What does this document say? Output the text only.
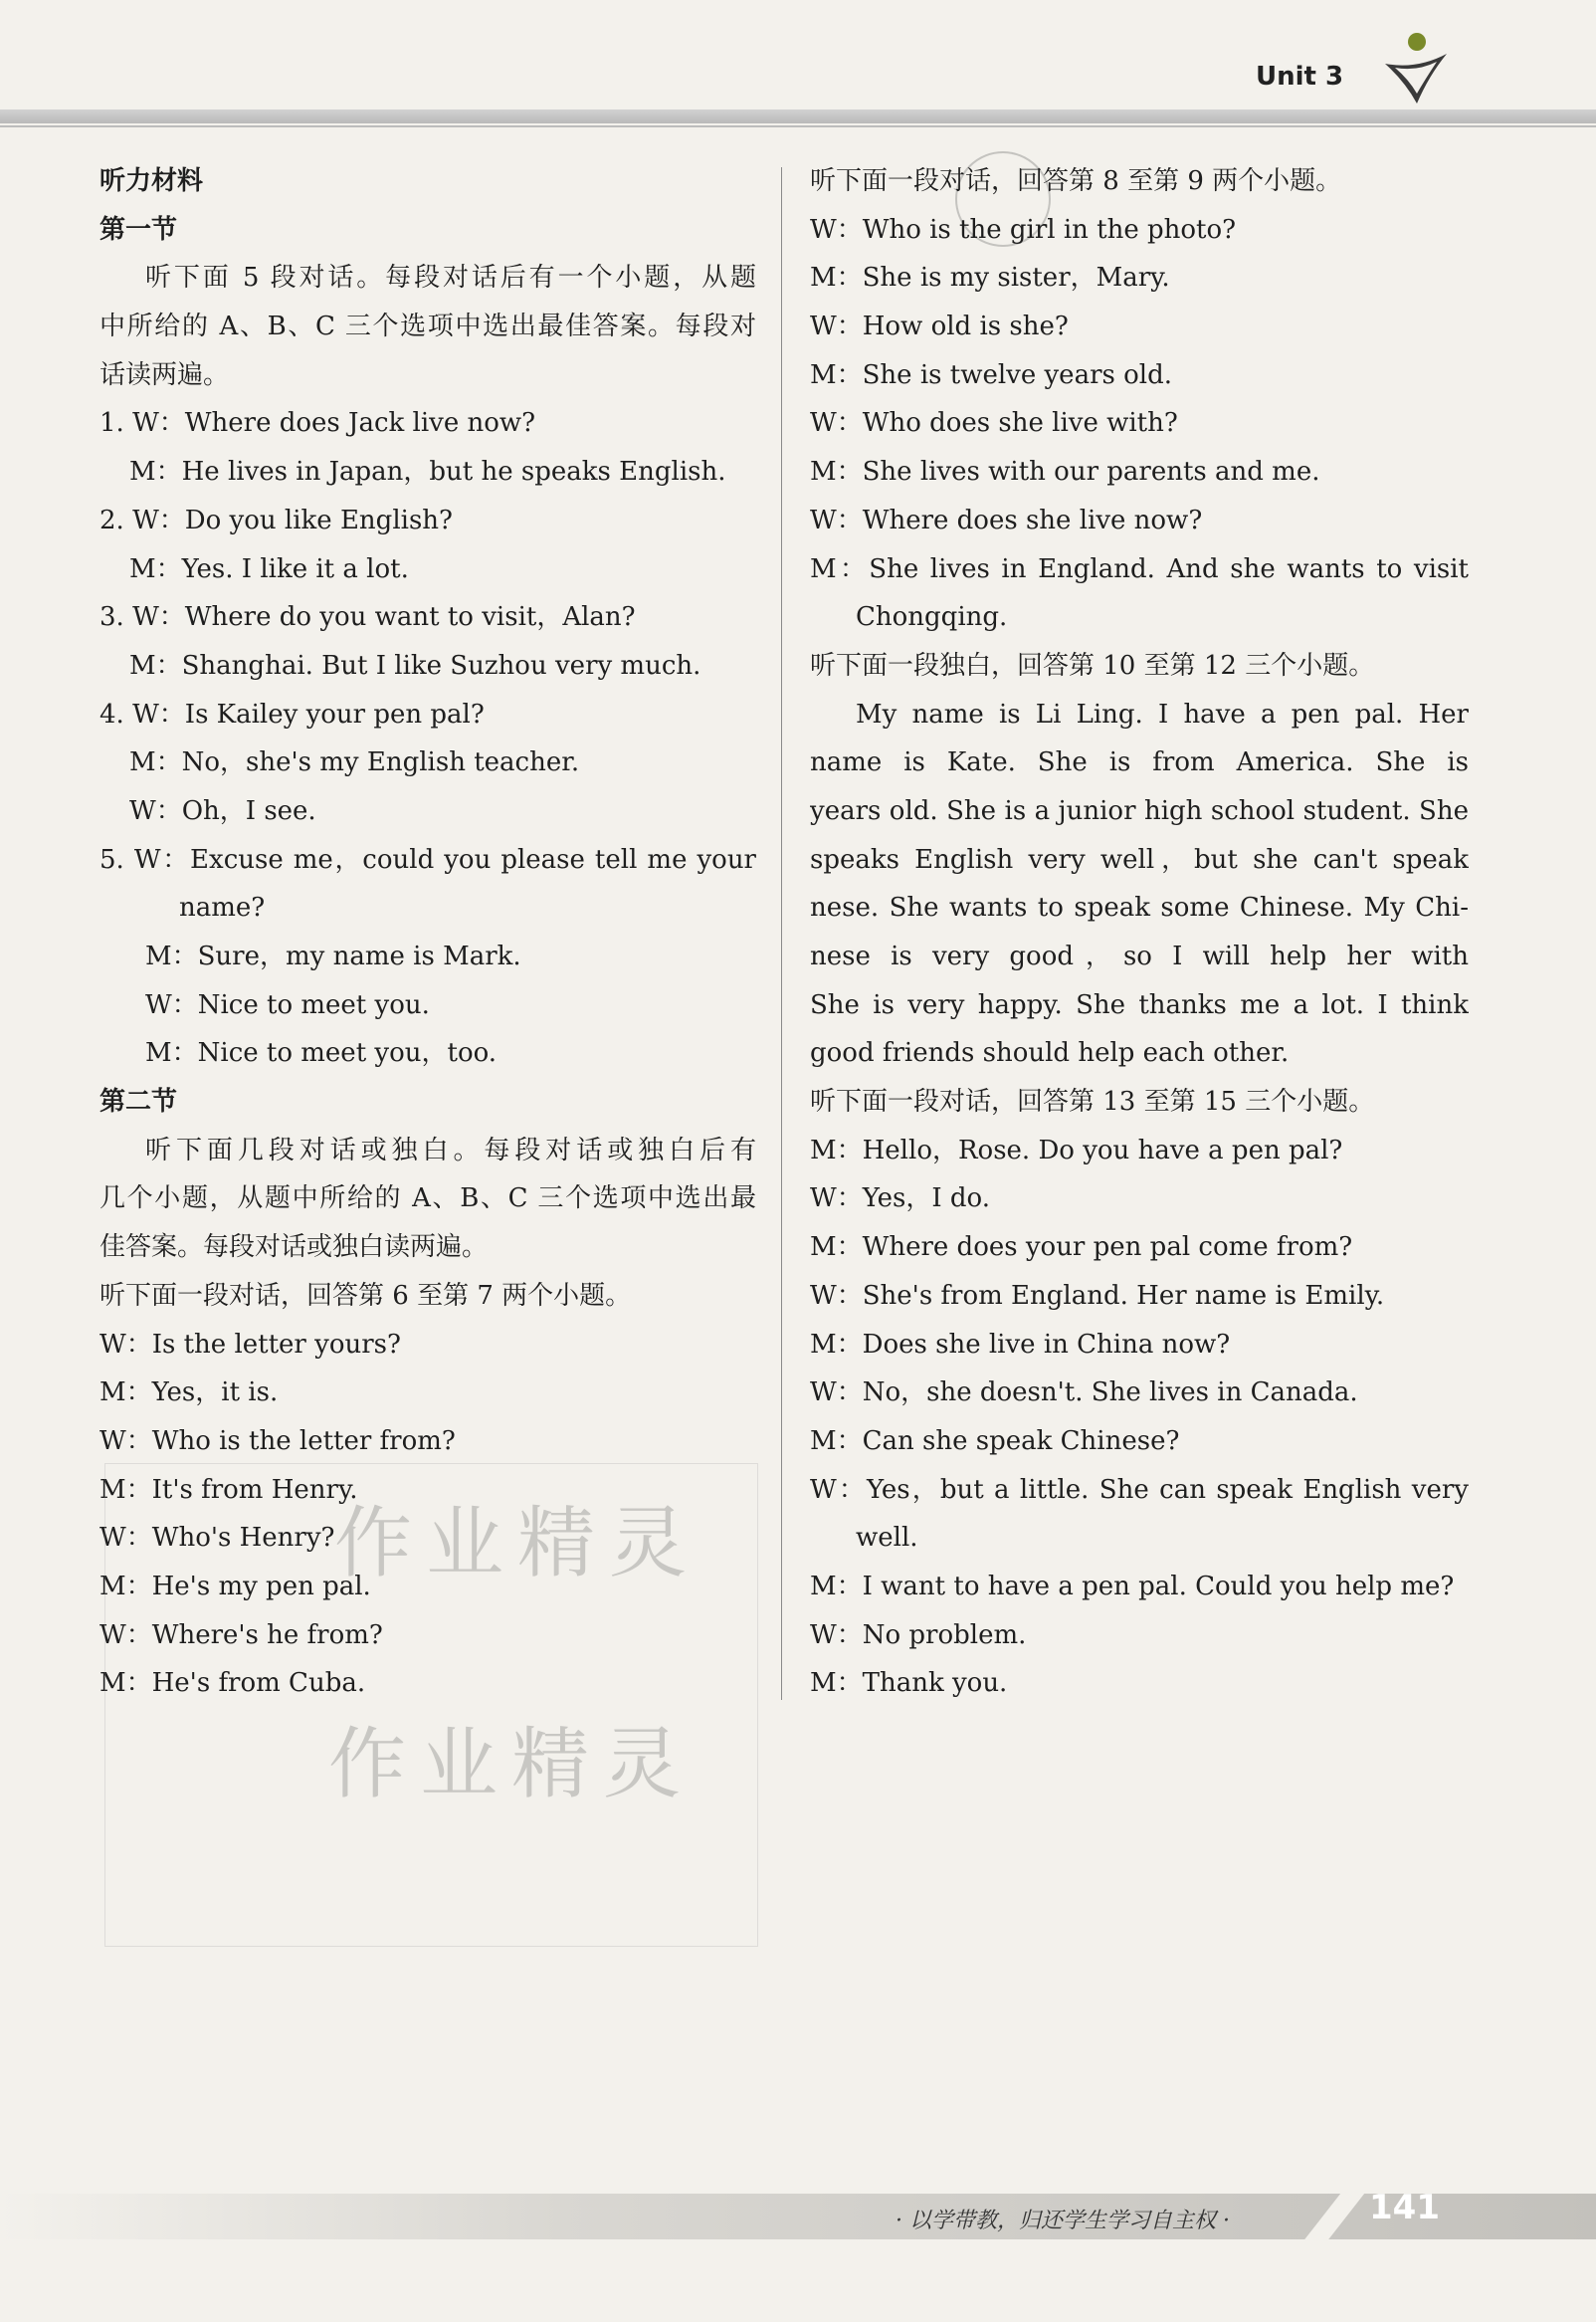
Unit 3

听力材料

第一节

听下面 5 段对话。每段对话后有一个小题，从题

中所给的 A、B、C 三个选项中选出最佳答案。每段对

话读两遍。

1. W：Where does Jack live now?

M：He lives in Japan，but he speaks English.

2. W：Do you like English?

M：Yes. I like it a lot.

3. W：Where do you want to visit，Alan?

M：Shanghai. But I like Suzhou very much.

4. W：Is Kailey your pen pal?

M：No，she's my English teacher.

W：Oh，I see.

5. W：Excuse me，could you please tell me your

name?

M：Sure，my name is Mark.

W：Nice to meet you.

M：Nice to meet you，too.

第二节

听下面几段对话或独白。每段对话或独白后有

几个小题，从题中所给的 A、B、C 三个选项中选出最

佳答案。每段对话或独白读两遍。

听下面一段对话，回答第 6 至第 7 两个小题。

W：Is the letter yours?

M：Yes，it is.

W：Who is the letter from?

M：It's from Henry.

W：Who's Henry?

M：He's my pen pal.

W：Where's he from?

M：He's from Cuba.

听下面一段对话，回答第 8 至第 9 两个小题。

W：Who is the girl in the photo?

M：She is my sister，Mary.

W：How old is she?

M：She is twelve years old.

W：Who does she live with?

M：She lives with our parents and me.

W：Where does she live now?

M：She lives in England. And she wants to visit

Chongqing.

听下面一段独白，回答第 10 至第 12 三个小题。

My name is Li Ling. I have a pen pal. Her

name is Kate. She is from America. She is

years old. She is a junior high school student. She

speaks English very well，but she can't speak

nese. She wants to speak some Chinese. My Chi-

nese is very good，so I will help her with

She is very happy. She thanks me a lot. I think

good friends should help each other.

听下面一段对话，回答第 13 至第 15 三个小题。

M：Hello，Rose. Do you have a pen pal?

W：Yes，I do.

M：Where does your pen pal come from?

W：She's from England. Her name is Emily.

M：Does she live in China now?

W：No，she doesn't. She lives in Canada.

M：Can she speak Chinese?

W：Yes，but a little. She can speak English very

well.

M：I want to have a pen pal. Could you help me?

W：No problem.

M：Thank you.

作业精灵
作业精灵
· 以学带教，归还学生学习自主权 ·	141
